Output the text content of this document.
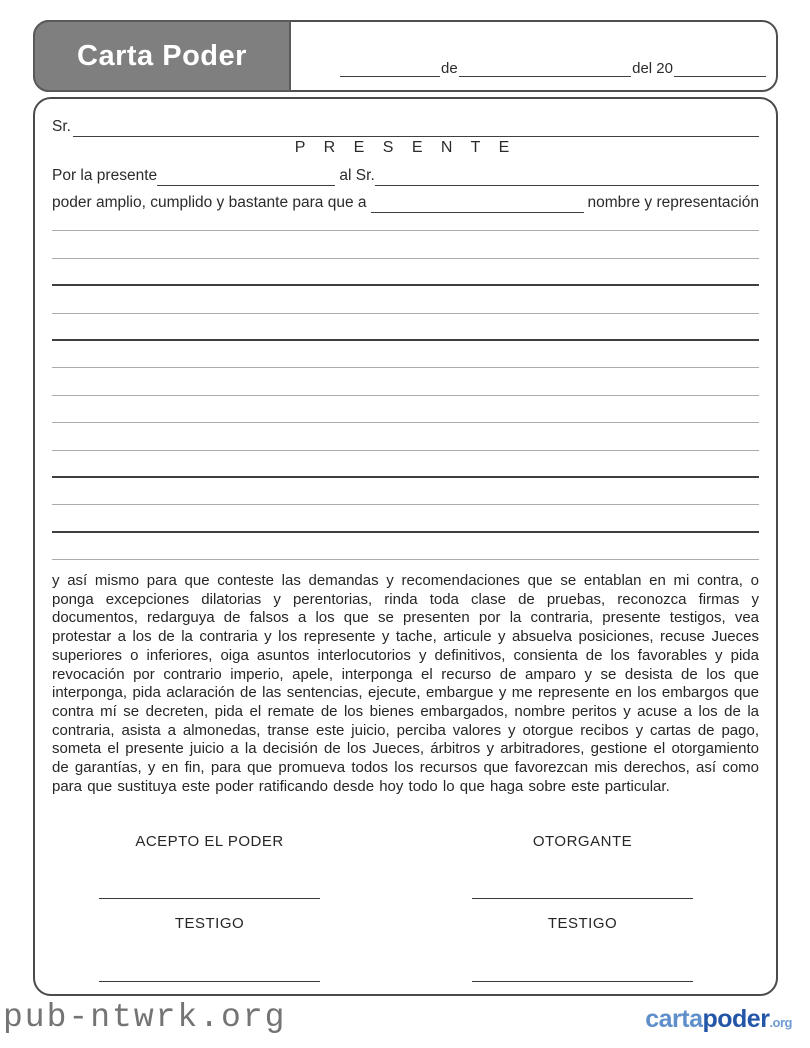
Carta Poder	de	del 20
Sr.
P R E S E N T E
Por la presente	al Sr.
poder amplio, cumplido y bastante para que a	nombre y representación
y así mismo para que conteste las demandas y recomendaciones que se entablan en mi contra, o ponga excepciones dilatorias y perentorias, rinda toda clase de pruebas, reconozca firmas y documentos, redarguya de falsos a los que se presenten por la contraria, presente testigos, vea protestar a los de la contraria y los represente y tache, articule y absuelva posiciones, recuse Jueces superiores o inferiores, oiga asuntos interlocutorios y definitivos, consienta de los favorables y pida revocación por contrario imperio, apele, interponga el recurso de amparo y se desista de los que interponga, pida aclaración de las sentencias, ejecute, embargue y me represente en los embargos que contra mí se decreten, pida el remate de los bienes embargados, nombre peritos y acuse a los de la contraria, asista a almonedas, transe este juicio, perciba valores y otorgue recibos y cartas de pago, someta el presente juicio a la decisión de los Jueces, árbitros y arbitradores, gestione el otorgamiento de garantías, y en fin, para que promueva todos los recursos que favorezcan mis derechos, así como para que sustituya este poder ratificando desde hoy todo lo que haga sobre este particular.
ACEPTO EL PODER	OTORGANTE
TESTIGO	TESTIGO
pub-ntwrk.org	cartapoder.org
